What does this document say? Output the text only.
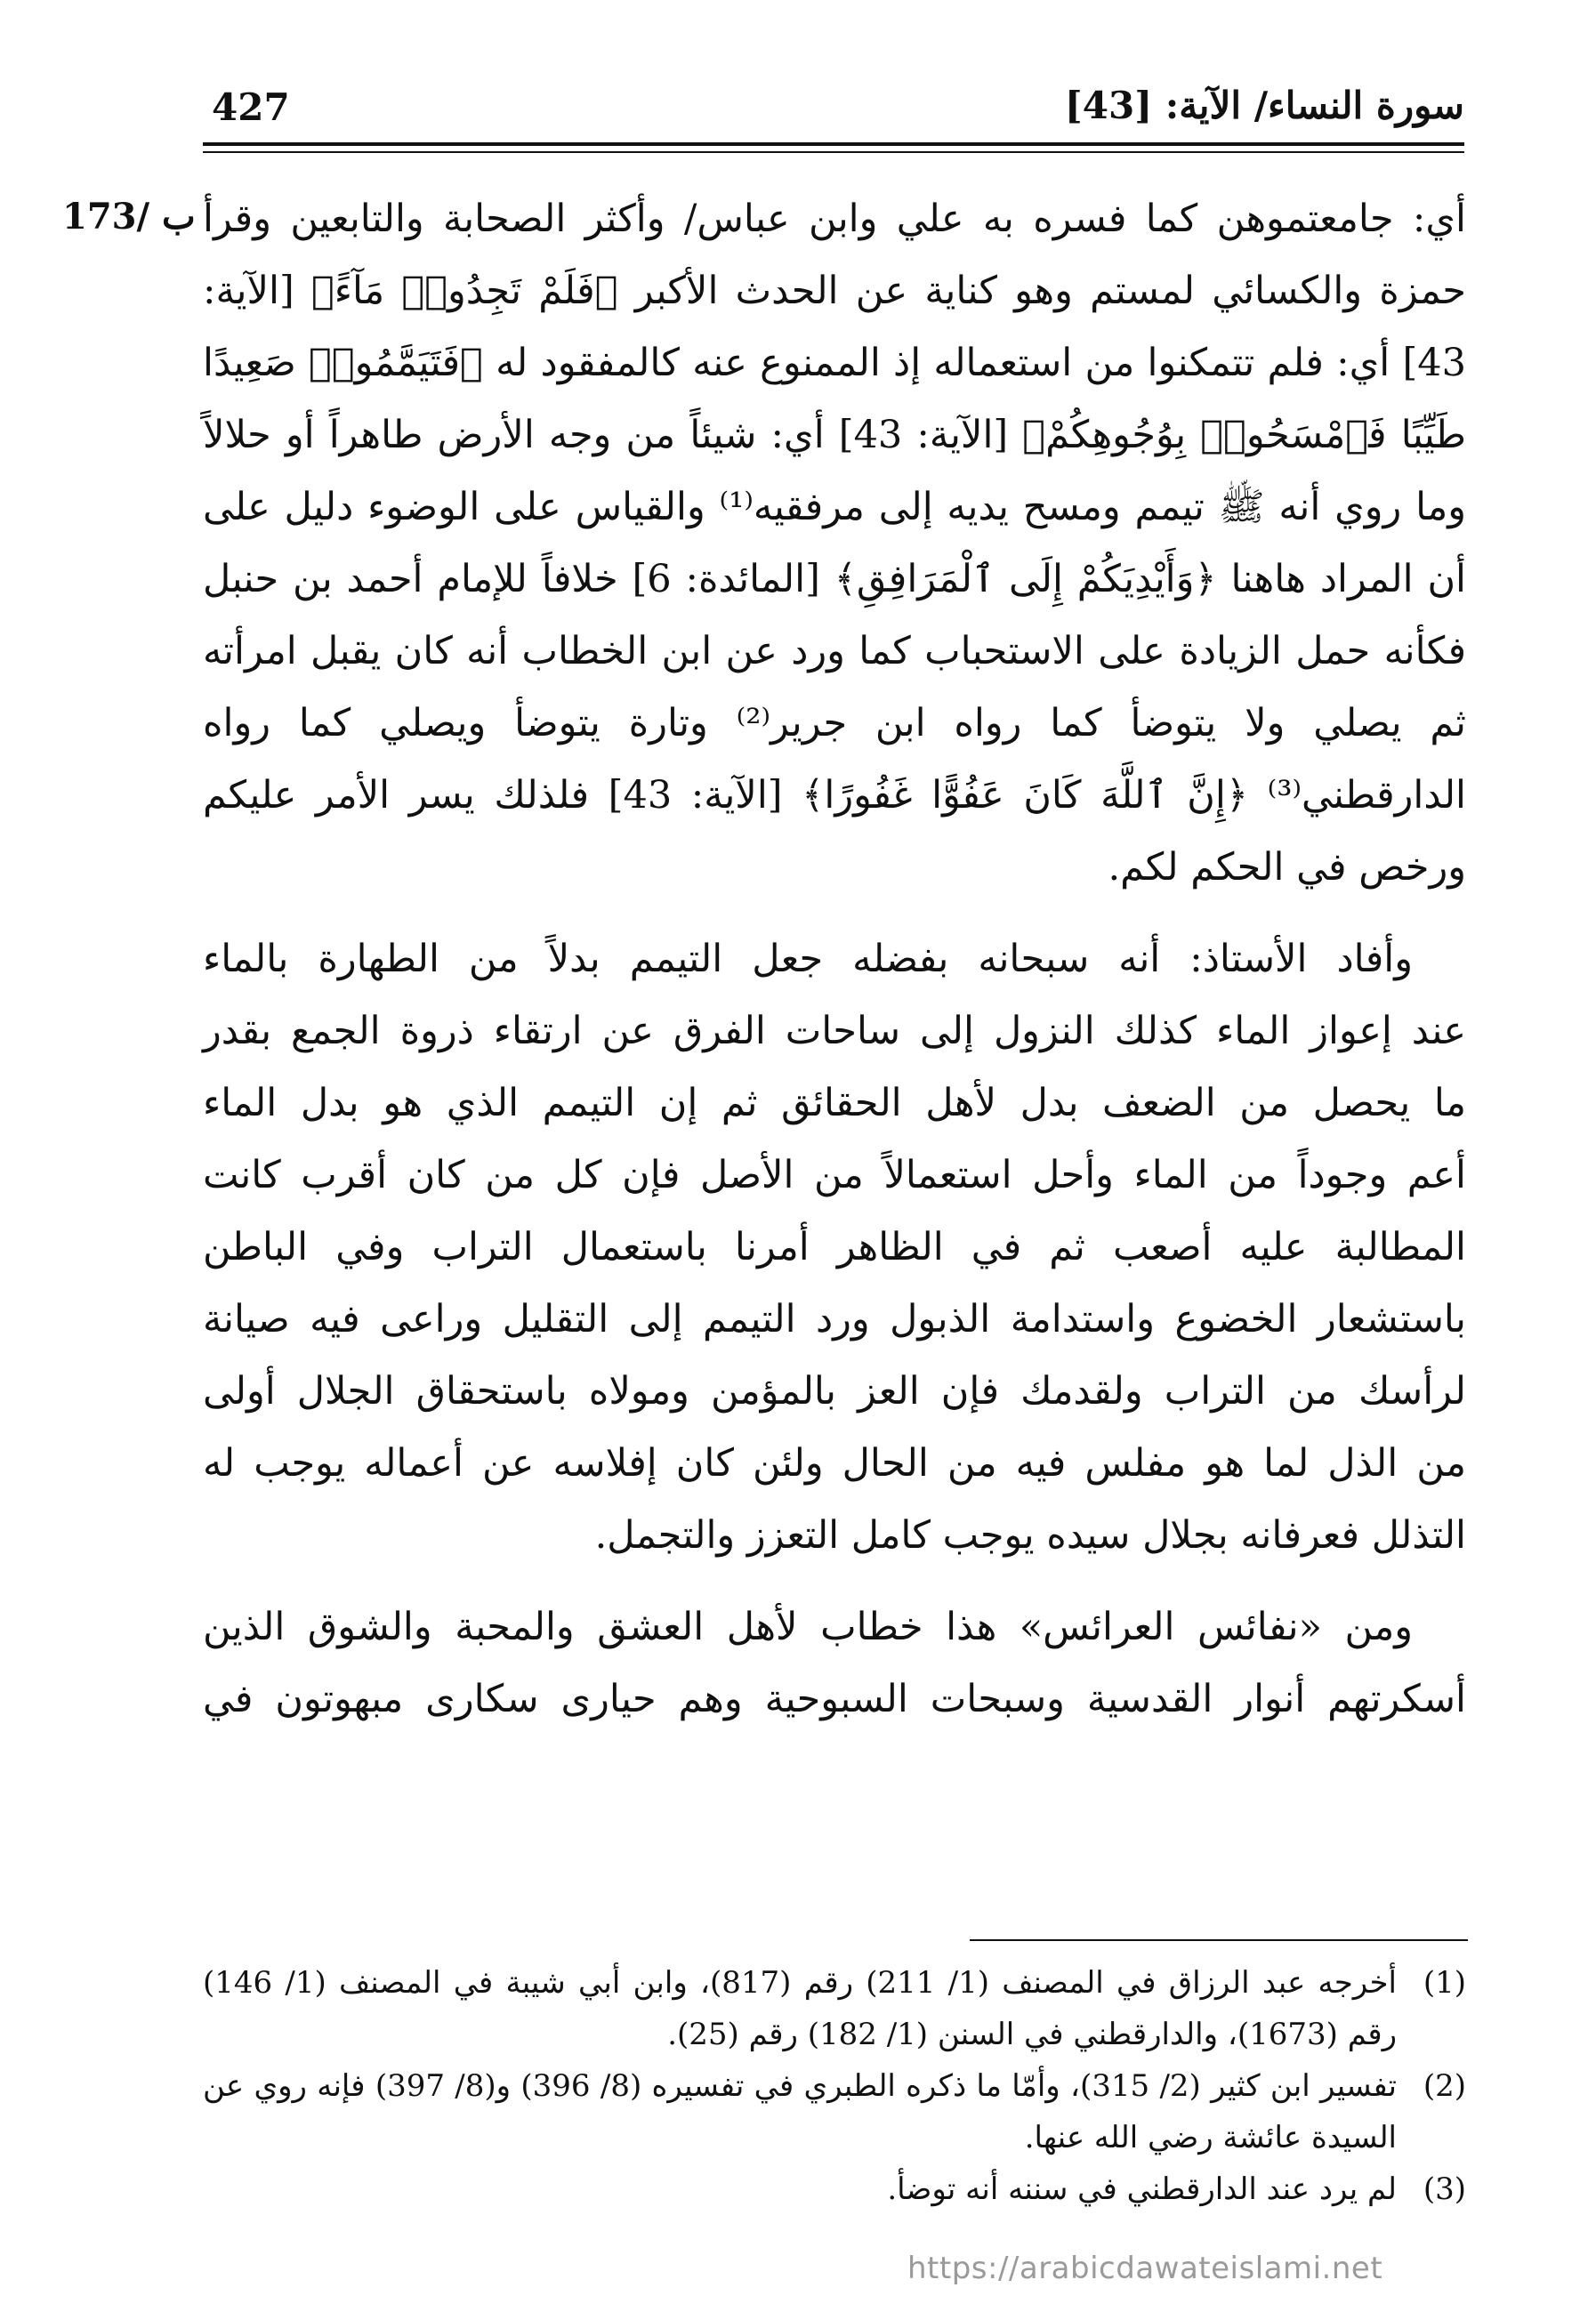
427	سورة النساء/ الآية: [43]
173/ ب أي: جامعتموهن كما فسره به علي وابن عباس/ وأكثر الصحابة والتابعين وقرأ
حمزة والكسائي لمستم وهو كناية عن الحدث الأكبر ﴿فَلَمْ تَجِدُوا۟ مَآءً﴾ [الآية:
43] أي: فلم تتمكنوا من استعماله إذ الممنوع عنه كالمفقود له ﴿فَتَيَمَّمُوا۟ صَعِيدًا
طَيِّبًا فَٱمْسَحُوا۟ بِوُجُوهِكُمْ﴾ [الآية: 43] أي: شيئاً من وجه الأرض طاهراً أو حلالاً
وما روي أنه ﷺ تيمم ومسح يديه إلى مرفقيه⁽¹⁾ والقياس على الوضوء دليل على
أن المراد هاهنا ﴿وَأَيْدِيَكُمْ إِلَى ٱلْمَرَافِقِ﴾ [المائدة: 6] خلافاً للإمام أحمد بن حنبل
فكأنه حمل الزيادة على الاستحباب كما ورد عن ابن الخطاب أنه كان يقبل امرأته
ثم يصلي ولا يتوضأ كما رواه ابن جرير⁽²⁾ وتارة يتوضأ ويصلي كما رواه
الدارقطني⁽³⁾ ﴿إِنَّ ٱللَّهَ كَانَ عَفُوًّا غَفُورًا﴾ [الآية: 43] فلذلك يسر الأمر عليكم
ورخص في الحكم لكم.
وأفاد الأستاذ: أنه سبحانه بفضله جعل التيمم بدلاً من الطهارة بالماء
عند إعواز الماء كذلك النزول إلى ساحات الفرق عن ارتقاء ذروة الجمع بقدر
ما يحصل من الضعف بدل لأهل الحقائق ثم إن التيمم الذي هو بدل الماء
أعم وجوداً من الماء وأحل استعمالاً من الأصل فإن كل من كان أقرب كانت
المطالبة عليه أصعب ثم في الظاهر أمرنا باستعمال التراب وفي الباطن
باستشعار الخضوع واستدامة الذبول ورد التيمم إلى التقليل وراعى فيه صيانة
لرأسك من التراب ولقدمك فإن العز بالمؤمن ومولاه باستحقاق الجلال أولى
من الذل لما هو مفلس فيه من الحال ولئن كان إفلاسه عن أعماله يوجب له
التذلل فعرفانه بجلال سيده يوجب كامل التعزز والتجمل.
ومن «نفائس العرائس» هذا خطاب لأهل العشق والمحبة والشوق الذين
أسكرتهم أنوار القدسية وسبحات السبوحية وهم حيارى سكارى مبهوتون في

(1)
أخرجه عبد الرزاق في المصنف (1/ 211) رقم (817)، وابن أبي شيبة في المصنف (1/ 146) رقم (1673)، والدارقطني في السنن (1/ 182) رقم (25).

(2)
تفسير ابن كثير (2/ 315)، وأمّا ما ذكره الطبري في تفسيره (8/ 396) و(8/ 397) فإنه روي عن السيدة عائشة رضي الله عنها.

(3)
لم يرد عند الدارقطني في سننه أنه توضأ.

https://arabicdawateislami.net
